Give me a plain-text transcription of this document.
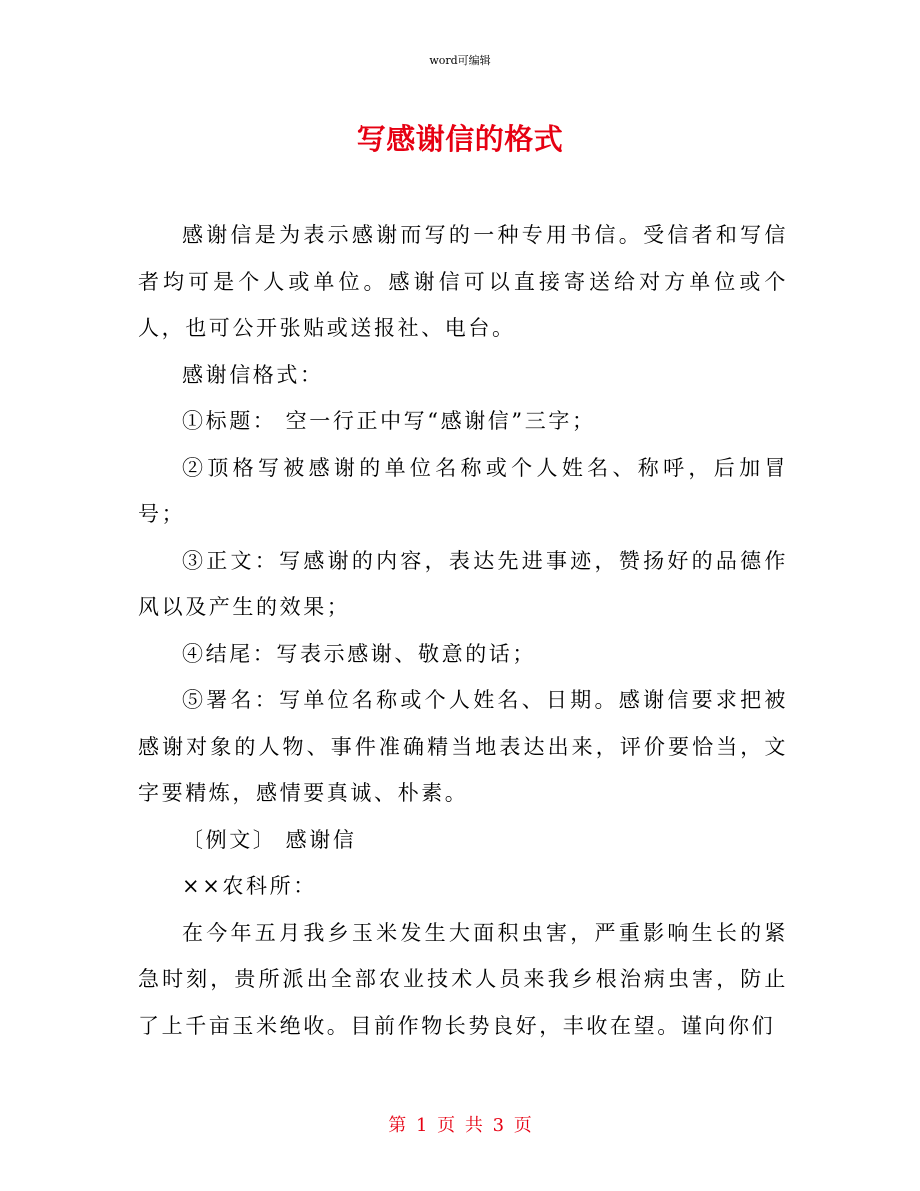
word可编辑
写感谢信的格式

感谢信是为表示感谢而写的一种专用书信。受信者和写信者均可是个人或单位。感谢信可以直接寄送给对方单位或个人，也可公开张贴或送报社、电台。

感谢信格式：

①标题： 空一行正中写“感谢信”三字；

②顶格写被感谢的单位名称或个人姓名、称呼，后加冒号；

③正文：写感谢的内容，表达先进事迹，赞扬好的品德作风以及产生的效果；

④结尾：写表示感谢、敬意的话；

⑤署名：写单位名称或个人姓名、日期。感谢信要求把被感谢对象的人物、事件准确精当地表达出来，评价要恰当，文字要精炼，感情要真诚、朴素。

〔例文〕 感谢信

××农科所：

在今年五月我乡玉米发生大面积虫害，严重影响生长的紧急时刻，贵所派出全部农业技术人员来我乡根治病虫害，防止了上千亩玉米绝收。目前作物长势良好，丰收在望。谨向你们

第 1 页 共 3 页
